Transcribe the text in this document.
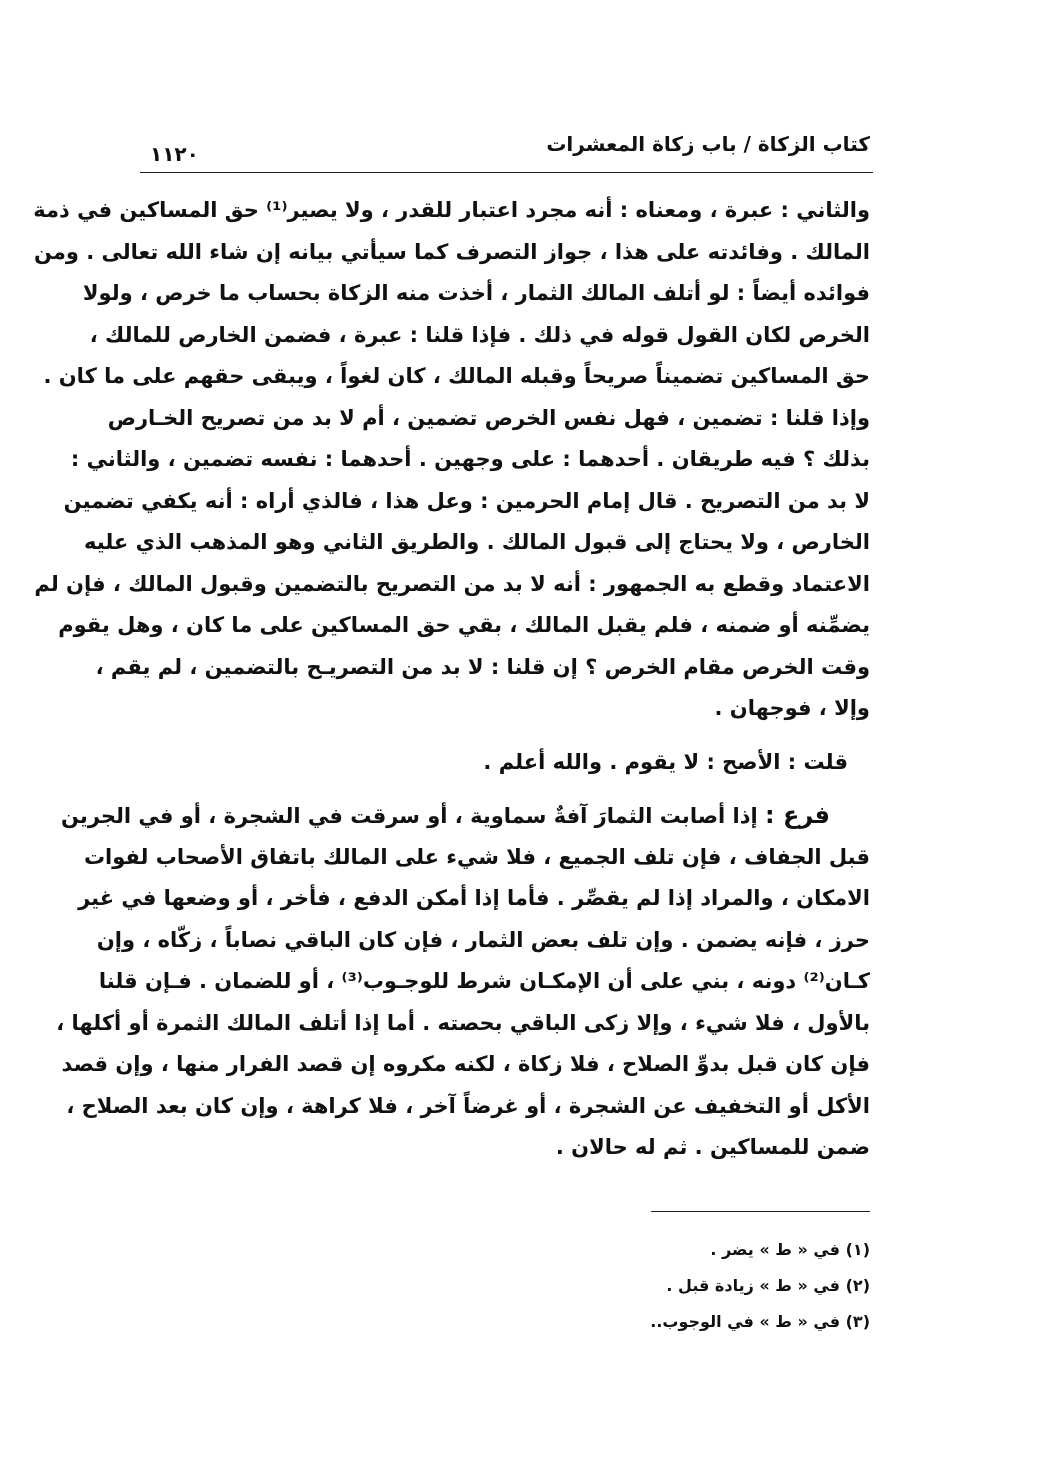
كتاب الزكاة / باب زكاة المعشرات
١١٢٠
والثاني : عبرة ، ومعناه : أنه مجرد اعتبار للقدر ، ولا يصير⁽¹⁾ حق المساكين في ذمة
المالك . وفائدته على هذا ، جواز التصرف كما سيأتي بيانه إن شاء الله تعالى . ومن
فوائده أيضاً : لو أتلف المالك الثمار ، أخذت منه الزكاة بحساب ما خرص ، ولولا
الخرص لكان القول قوله في ذلك . فإذا قلنا : عبرة ، فضمن الخارص للمالك ،
حق المساكين تضميناً صريحاً وقبله المالك ، كان لغواً ، ويبقى حقهم على ما كان .
وإذا قلنا : تضمين ، فهل نفس الخرص تضمين ، أم لا بد من تصريح الخـارص
بذلك ؟ فيه طريقان . أحدهما : على وجهين . أحدهما : نفسه تضمين ، والثاني :
لا بد من التصريح . قال إمام الحرمين : وعل هذا ، فالذي أراه : أنه يكفي تضمين
الخارص ، ولا يحتاج إلى قبول المالك . والطريق الثاني وهو المذهب الذي عليه
الاعتماد وقطع به الجمهور : أنه لا بد من التصريح بالتضمين وقبول المالك ، فإن لم
يضمِّنه أو ضمنه ، فلم يقبل المالك ، بقي حق المساكين على ما كان ، وهل يقوم
وقت الخرص مقام الخرص ؟ إن قلنا : لا بد من التصريـح بالتضمين ، لم يقم ،
وإلا ، فوجهان .
قلت : الأصح : لا يقوم . والله أعلم .
فرع : إذا أصابت الثمارَ آفةٌ سماوية ، أو سرقت في الشجرة ، أو في الجرين
قبل الجفاف ، فإن تلف الجميع ، فلا شيء على المالك باتفاق الأصحاب لفوات
الامكان ، والمراد إذا لم يقصِّر . فأما إذا أمكن الدفع ، فأخر ، أو وضعها في غير
حرز ، فإنه يضمن . وإن تلف بعض الثمار ، فإن كان الباقي نصاباً ، زكّاه ، وإن
كـان⁽²⁾ دونه ، بني على أن الإمكـان شرط للوجـوب⁽³⁾ ، أو للضمان . فـإن قلنا
بالأول ، فلا شيء ، وإلا زكى الباقي بحصته . أما إذا أتلف المالك الثمرة أو أكلها ،
فإن كان قبل بدوِّ الصلاح ، فلا زكاة ، لكنه مكروه إن قصد الفرار منها ، وإن قصد
الأكل أو التخفيف عن الشجرة ، أو غرضاً آخر ، فلا كراهة ، وإن كان بعد الصلاح ،
ضمن للمساكين . ثم له حالان .
(١) في « ط » يضر .
(٢) في « ط » زيادة قبل .
(٣) في « ط » في الوجوب..
